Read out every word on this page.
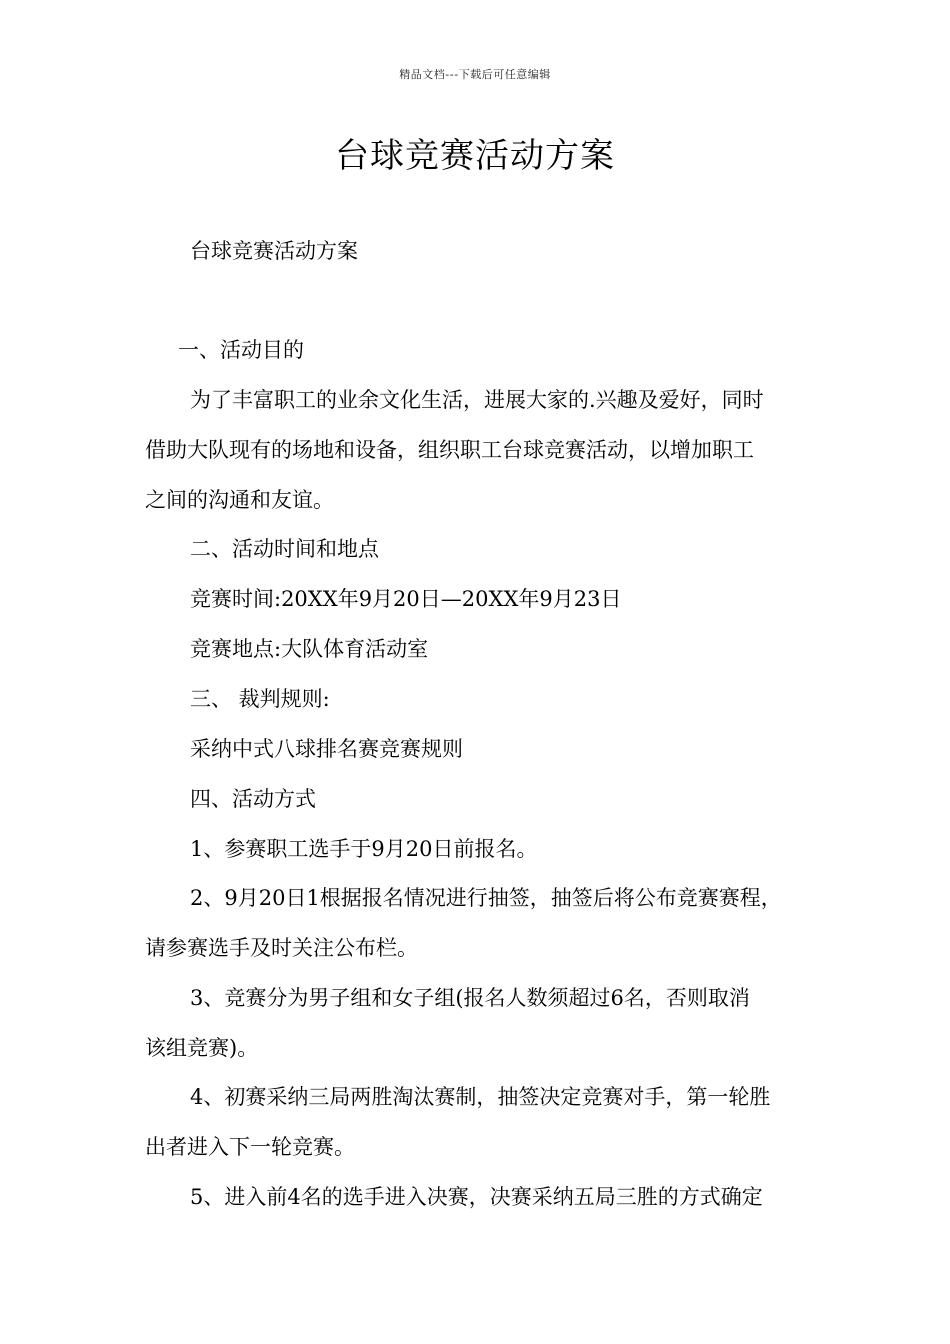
精品文档---下载后可任意编辑
台球竞赛活动方案
台球竞赛活动方案
一、活动目的
为了丰富职工的业余文化生活，进展大家的.兴趣及爱好，同时
借助大队现有的场地和设备，组织职工台球竞赛活动，以增加职工
之间的沟通和友谊。
二、活动时间和地点
竞赛时间:20XX年9月20日—20XX年9月23日
竞赛地点:大队体育活动室
三、 裁判规则:
采纳中式八球排名赛竞赛规则
四、活动方式
1、参赛职工选手于9月20日前报名。
2、9月20日1根据报名情况进行抽签，抽签后将公布竞赛赛程，
请参赛选手及时关注公布栏。
3、竞赛分为男子组和女子组(报名人数须超过6名，否则取消
该组竞赛)。
4、初赛采纳三局两胜淘汰赛制，抽签决定竞赛对手，第一轮胜
出者进入下一轮竞赛。
5、进入前4名的选手进入决赛，决赛采纳五局三胜的方式确定
